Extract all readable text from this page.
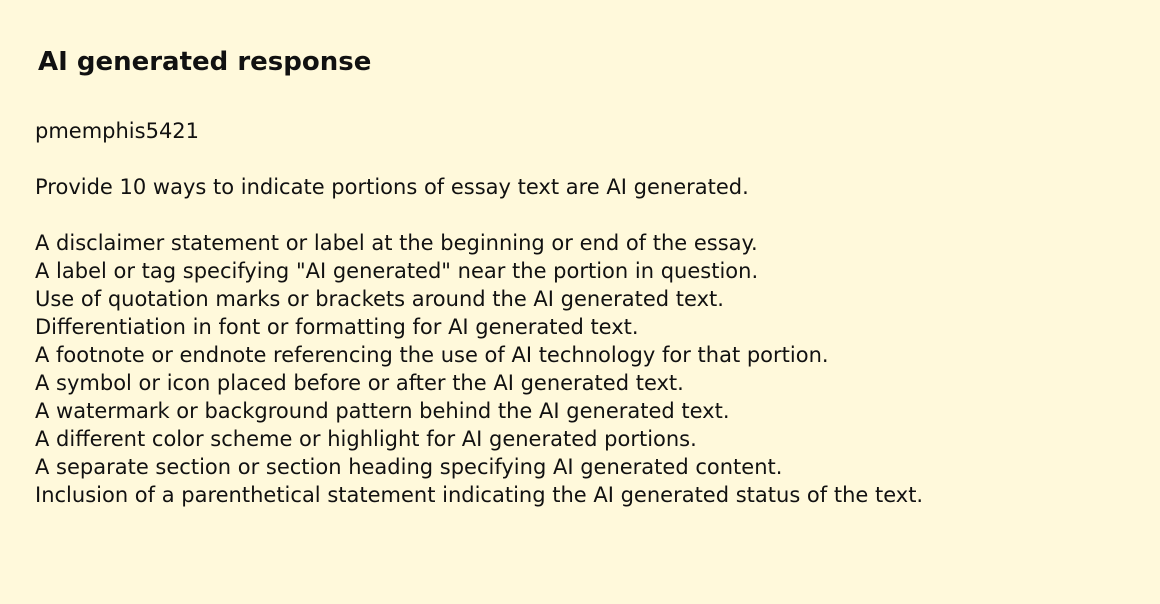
AI generated response
pmemphis5421
Provide 10 ways to indicate portions of essay text are AI generated.
A disclaimer statement or label at the beginning or end of the essay.
A label or tag specifying "AI generated" near the portion in question.
Use of quotation marks or brackets around the AI generated text.
Differentiation in font or formatting for AI generated text.
A footnote or endnote referencing the use of AI technology for that portion.
A symbol or icon placed before or after the AI generated text.
A watermark or background pattern behind the AI generated text.
A different color scheme or highlight for AI generated portions.
A separate section or section heading specifying AI generated content.
Inclusion of a parenthetical statement indicating the AI generated status of the text.
